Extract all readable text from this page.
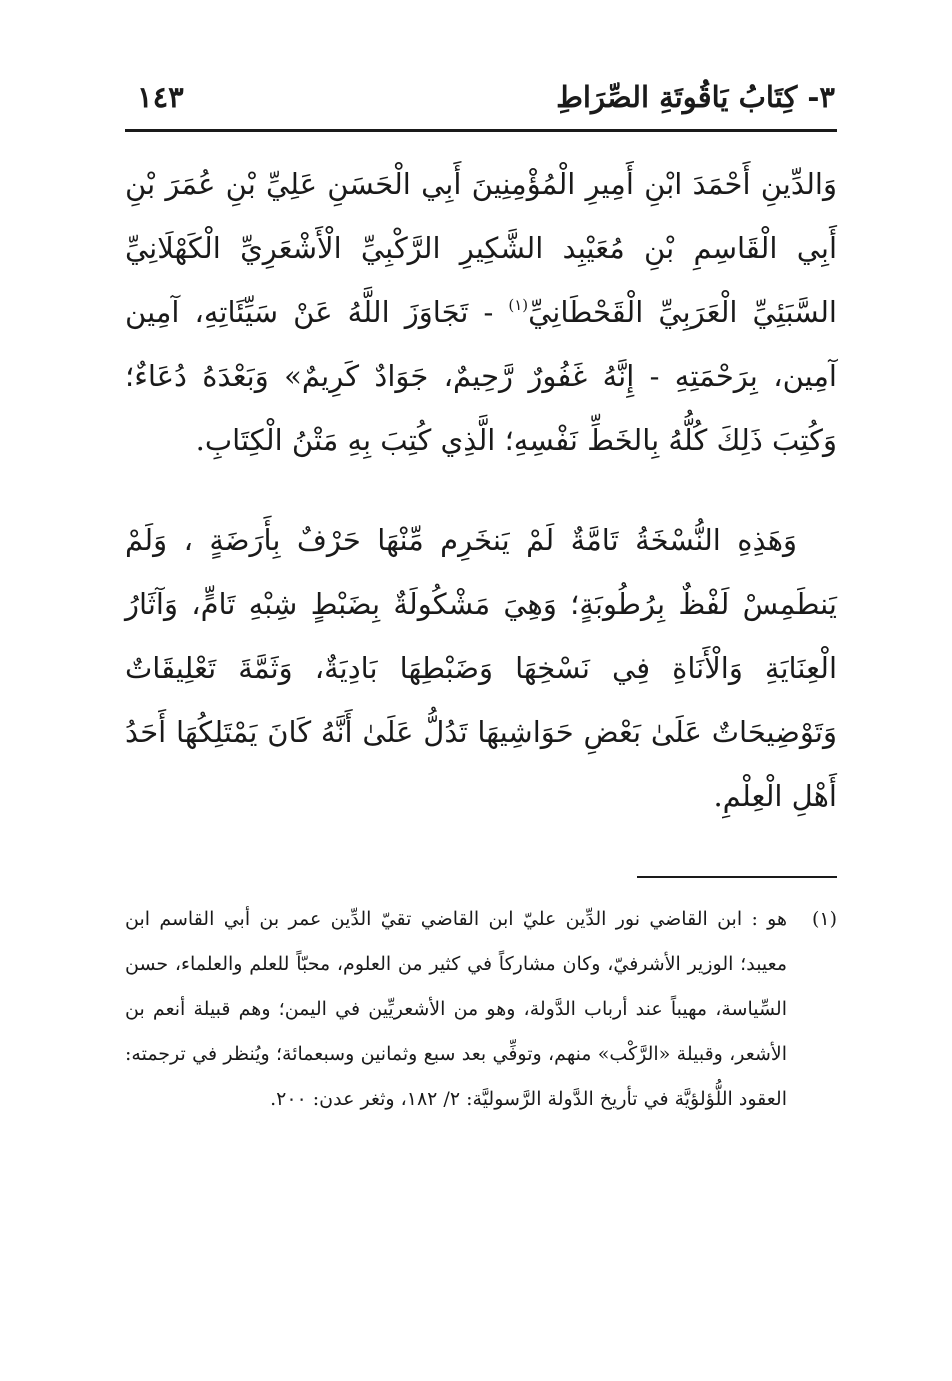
٣- كِتَابُ يَاقُوتَةِ الصِّرَاطِ
١٤٣

وَالدِّينِ أَحْمَدَ ابْنِ أَمِيرِ الْمُؤْمِنِينَ أَبِي الْحَسَنِ عَلِيِّ بْنِ عُمَرَ بْنِ أَبِي الْقَاسِمِ بْنِ مُعَيْبِد الشَّكِيرِ الرَّكْبِيِّ الْأَشْعَرِيِّ الْكَهْلَانِيِّ السَّبَئِيِّ الْعَرَبِيِّ الْقَحْطَانِيِّ$^{(١)}$ - تَجَاوَزَ اللَّهُ عَنْ سَيِّئَاتِهِ، آمِين آمِين، بِرَحْمَتِهِ - إِنَّهُ غَفُورٌ رَّحِيمٌ، جَوَادٌ كَرِيمٌ» وَبَعْدَهُ دُعَاءٌ؛ وَكُتِبَ ذَلِكَ كُلُّهُ بِالخَطِّ نَفْسِهِ؛ الَّذِي كُتِبَ بِهِ مَتْنُ الْكِتَابِ.

وَهَذِهِ النُّسْخَةُ تَامَّةٌ لَمْ يَنخَرِم مِّنْهَا حَرْفٌ بِأَرَضَةٍ ، وَلَمْ يَنطَمِسْ لَفْظٌ بِرُطُوبَةٍ؛ وَهِيَ مَشْكُولَةٌ بِضَبْطٍ شِبْهِ تَامٍّ، وَآثَارُ الْعِنَايَةِ وَالْأَنَاةِ فِي نَسْخِهَا وَضَبْطِهَا بَادِيَةٌ، وَثَمَّةَ تَعْلِيقَاتٌ وَتَوْضِيحَاتٌ عَلَىٰ بَعْضِ حَوَاشِيهَا تَدُلُّ عَلَىٰ أَنَّهُ كَانَ يَمْتَلِكُهَا أَحَدُ أَهْلِ الْعِلْمِ.

(١)
هو : ابن القاضي نور الدِّين عليّ ابن القاضي تقيّ الدِّين عمر بن أبي القاسم ابن معيبد؛ الوزير الأشرفيّ، وكان مشاركاً في كثير من العلوم، محبّاً للعلم والعلماء، حسن السِّياسة، مهيباً عند أرباب الدَّولة، وهو من الأشعريِّين في اليمن؛ وهم قبيلة أنعم بن الأشعر، وقبيلة «الرَّكْب» منهم، وتوفِّي بعد سبع وثمانين وسبعمائة؛ ويُنظر في ترجمته: العقود اللُّؤلؤيَّة في تأريخ الدَّولة الرَّسوليَّة: ٢/ ١٨٢، وثغر عدن: ٢٠٠.
